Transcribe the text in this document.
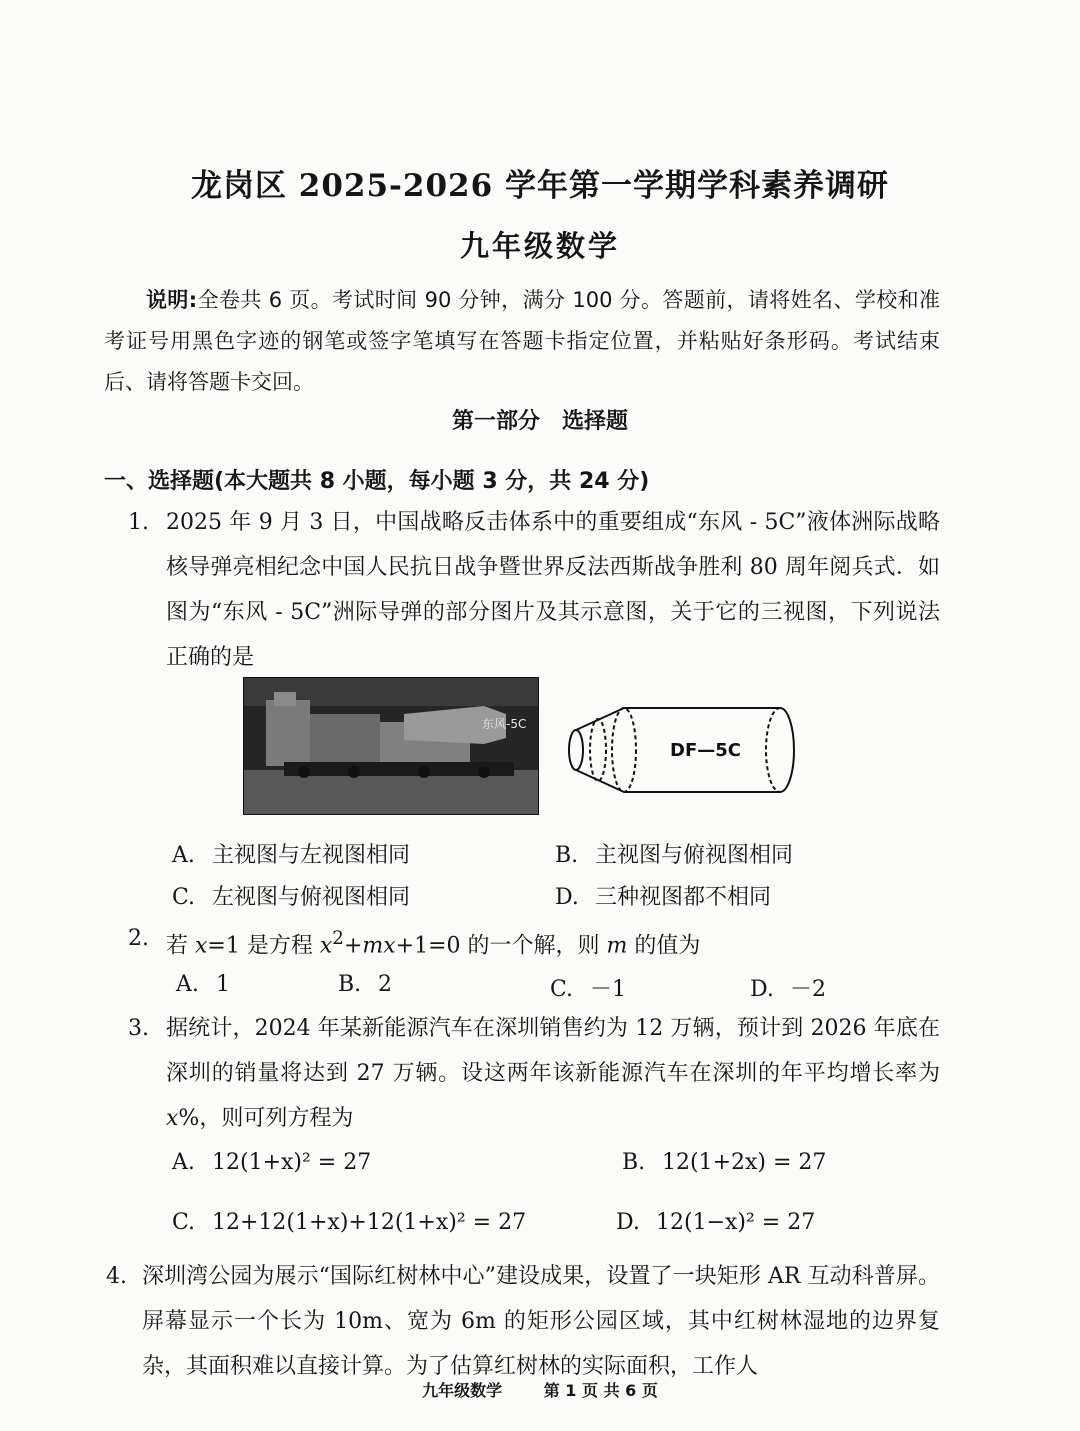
龙岗区 2025-2026 学年第一学期学科素养调研
九年级数学
说明:全卷共 6 页。考试时间 90 分钟，满分 100 分。答题前，请将姓名、学校和准考证号用黑色字迹的钢笔或签字笔填写在答题卡指定位置，并粘贴好条形码。考试结束后、请将答题卡交回。
第一部分　选择题
一、选择题(本大题共 8 小题，每小题 3 分，共 24 分)
1. 2025 年 9 月 3 日，中国战略反击体系中的重要组成“东风 - 5C”液体洲际战略核导弹亮相纪念中国人民抗日战争暨世界反法西斯战争胜利 80 周年阅兵式．如图为“东风 - 5C”洲际导弹的部分图片及其示意图，关于它的三视图，下列说法正确的是
东风-5C
DF—5C
A. 主视图与左视图相同	B. 主视图与俯视图相同
C. 左视图与俯视图相同	D. 三种视图都不相同
2. 若 x=1 是方程 $x^2+mx+1=0$ 的一个解，则 m 的值为
A. 1	B. 2	C. －1	D. －2
3. 据统计，2024 年某新能源汽车在深圳销售约为 12 万辆，预计到 2026 年底在深圳的销量将达到 27 万辆。设这两年该新能源汽车在深圳的年平均增长率为 x%，则可列方程为
A. 12(1+x)² = 27	B. 12(1+2x) = 27
C. 12+12(1+x)+12(1+x)² = 27	D. 12(1−x)² = 27
4. 深圳湾公园为展示“国际红树林中心”建设成果，设置了一块矩形 AR 互动科普屏。屏幕显示一个长为 10m、宽为 6m 的矩形公园区域，其中红树林湿地的边界复杂，其面积难以直接计算。为了估算红树林的实际面积，工作人
九年级数学	第 1 页 共 6 页
